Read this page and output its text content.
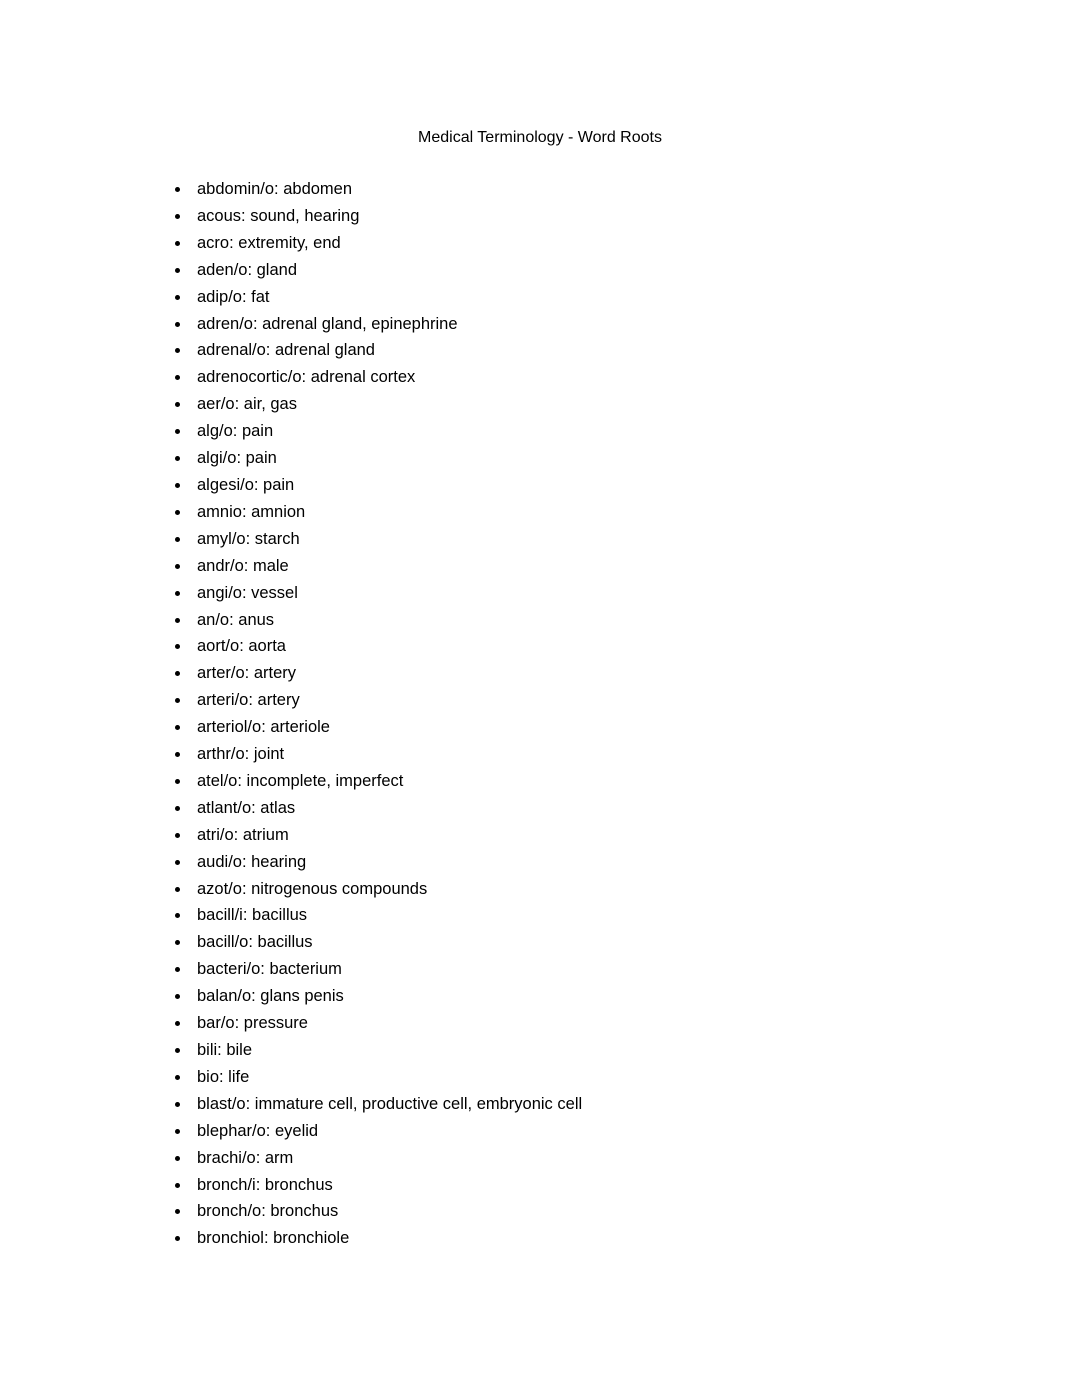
Medical Terminology - Word Roots
• abdomin/o: abdomen
• acous: sound, hearing
• acro: extremity, end
• aden/o: gland
• adip/o: fat
• adren/o: adrenal gland, epinephrine
• adrenal/o: adrenal gland
• adrenocortic/o: adrenal cortex
• aer/o: air, gas
• alg/o: pain
• algi/o: pain
• algesi/o: pain
• amnio: amnion
• amyl/o: starch
• andr/o: male
• angi/o: vessel
• an/o: anus
• aort/o: aorta
• arter/o: artery
• arteri/o: artery
• arteriol/o: arteriole
• arthr/o: joint
• atel/o: incomplete, imperfect
• atlant/o: atlas
• atri/o: atrium
• audi/o: hearing
• azot/o: nitrogenous compounds
• bacill/i: bacillus
• bacill/o: bacillus
• bacteri/o: bacterium
• balan/o: glans penis
• bar/o: pressure
• bili: bile
• bio: life
• blast/o: immature cell, productive cell, embryonic cell
• blephar/o: eyelid
• brachi/o: arm
• bronch/i: bronchus
• bronch/o: bronchus
• bronchiol: bronchiole
